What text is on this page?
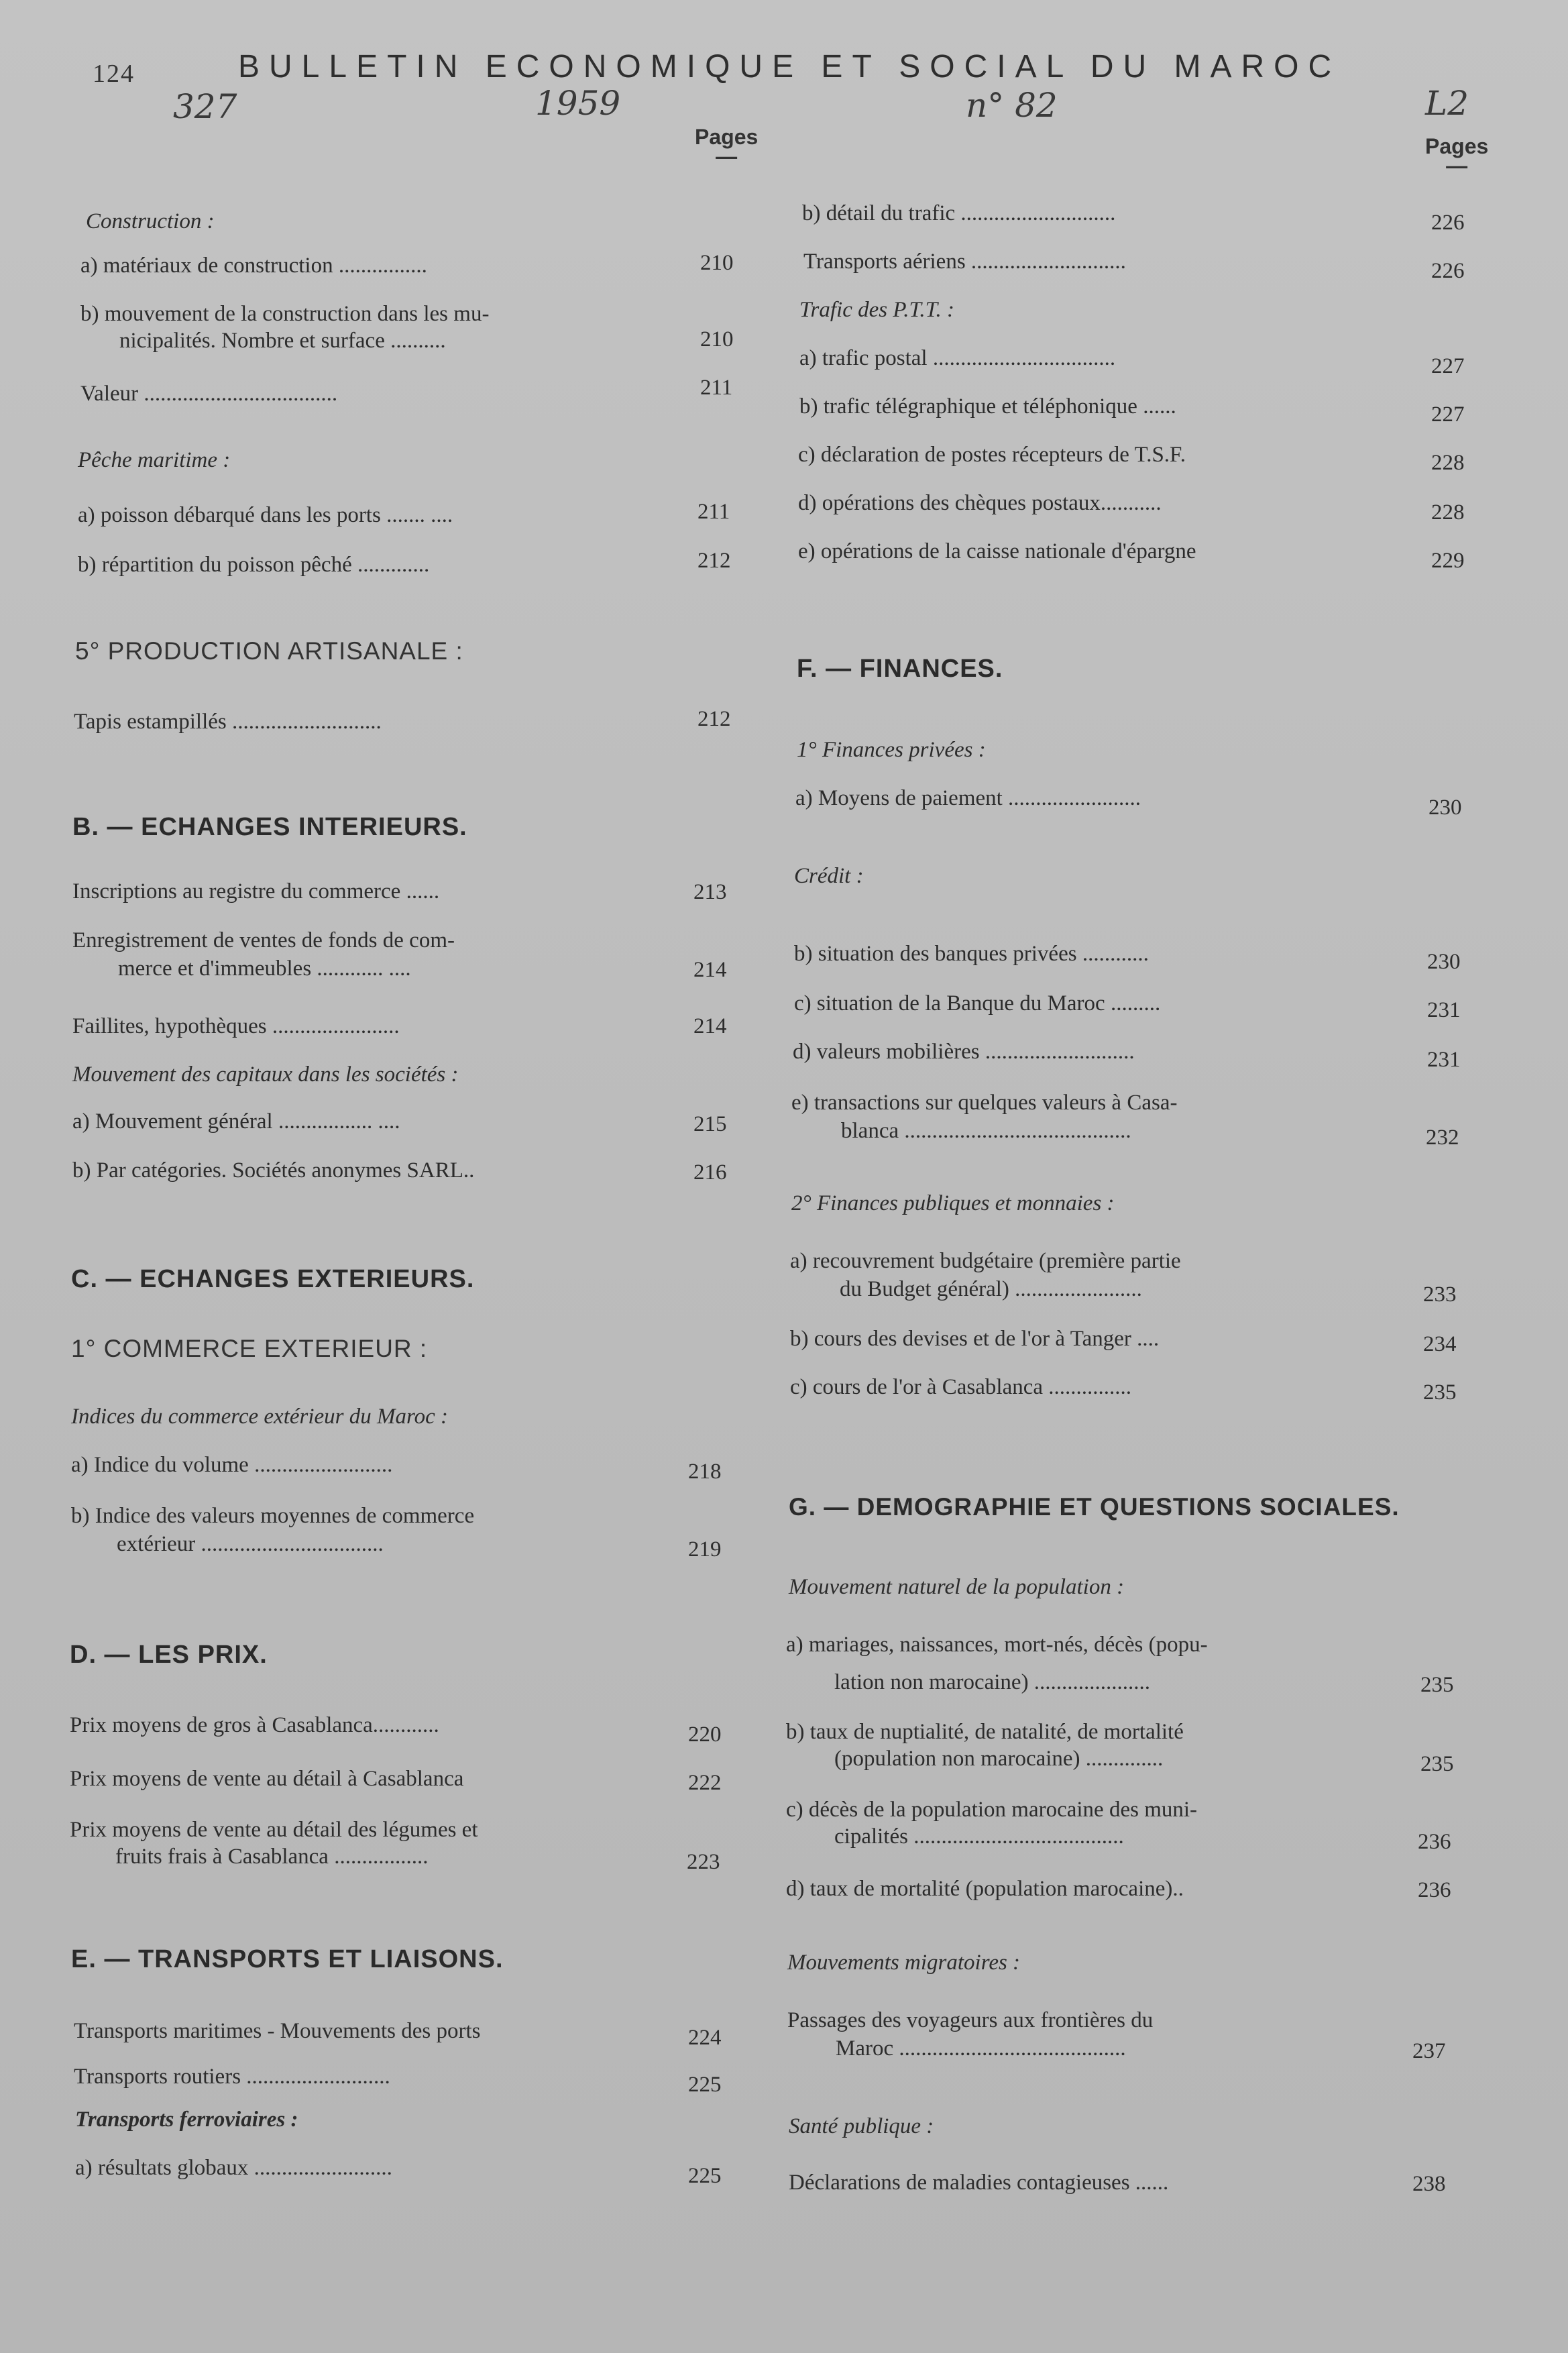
124	BULLETIN ECONOMIQUE ET SOCIAL DU MAROC
327	1959	n° 82	L2
Pages
—	Pages
—
Construction :
a) matériaux de construction ................	210
b) mouvement de la construction dans les mu-
nicipalités. Nombre et surface ..........	210
Valeur ...................................	211
Pêche maritime :
a) poisson débarqué dans les ports ....... ....	211
b) répartition du poisson pêché .............	212
5° PRODUCTION ARTISANALE :
Tapis estampillés ...........................	212
B. — ECHANGES INTERIEURS.
Inscriptions au registre du commerce ......	213
Enregistrement de ventes de fonds de com-
merce et d'immeubles ............ ....	214
Faillites, hypothèques .......................	214
Mouvement des capitaux dans les sociétés :
a) Mouvement général ................. ....	215
b) Par catégories. Sociétés anonymes SARL..	216
C. — ECHANGES EXTERIEURS.
1° COMMERCE EXTERIEUR :
Indices du commerce extérieur du Maroc :
a) Indice du volume .........................	218
b) Indice des valeurs moyennes de commerce
extérieur .................................	219
D. — LES PRIX.
Prix moyens de gros à Casablanca............	220
Prix moyens de vente au détail à Casablanca	222
Prix moyens de vente au détail des légumes et
fruits frais à Casablanca .................	223
E. — TRANSPORTS ET LIAISONS.
Transports maritimes - Mouvements des ports	224
Transports routiers ..........................	225
Transports ferroviaires :
a) résultats globaux .........................	225
b) détail du trafic ............................	226
Transports aériens ............................	226
Trafic des P.T.T. :
a) trafic postal .................................	227
b) trafic télégraphique et téléphonique ......	227
c) déclaration de postes récepteurs de T.S.F.	228
d) opérations des chèques postaux...........	228
e) opérations de la caisse nationale d'épargne	229
F. — FINANCES.
1° Finances privées :
a) Moyens de paiement ........................	230
Crédit :
b) situation des banques privées ............	230
c) situation de la Banque du Maroc .........	231
d) valeurs mobilières ...........................	231
e) transactions sur quelques valeurs à Casa-
blanca .........................................	232
2° Finances publiques et monnaies :
a) recouvrement budgétaire (première partie
du Budget général) .......................	233
b) cours des devises et de l'or à Tanger ....	234
c) cours de l'or à Casablanca ...............	235
G. — DEMOGRAPHIE ET QUESTIONS SOCIALES.
Mouvement naturel de la population :
a) mariages, naissances, mort-nés, décès (popu-
lation non marocaine) .....................	235
b) taux de nuptialité, de natalité, de mortalité
(population non marocaine) ..............	235
c) décès de la population marocaine des muni-
cipalités ......................................	236
d) taux de mortalité (population marocaine)..	236
Mouvements migratoires :
Passages des voyageurs aux frontières du
Maroc .........................................	237
Santé publique :
Déclarations de maladies contagieuses ......	238
